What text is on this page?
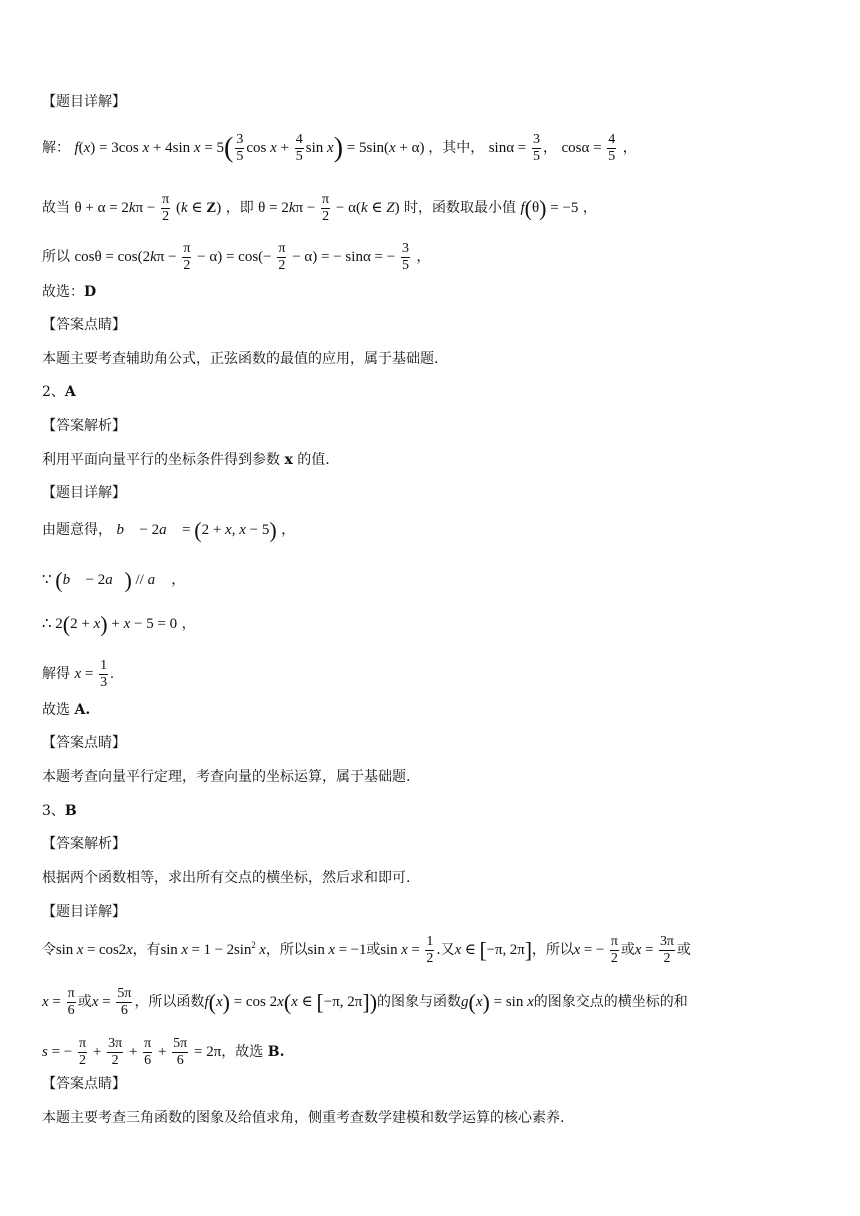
【题目详解】
解： f(x) = 3cos x + 4sin $x = 5( \frac{3}{5}$ $\cos x + \frac{4}{5}$ sin x) = 5sin(x + α) ，其中， $\sin\alpha = \frac{3}{5}$ ， $\cos\alpha = \frac{4}{5}$ ，
故当 $\theta + \alpha = 2k\pi - \frac{\pi}{2} (k$ ∈ Z) ，即 $\theta = 2k\pi - \frac{\pi}{2} - \alpha(k$ ∈ Z) 时，函数取最小值 f(θ) = −5 ，
所以 $\cos\theta = \cos(2k\pi - \frac{\pi}{2} - \alpha) = \cos(- \frac{\pi}{2} - \alpha)$ = − sinα = − $\frac{3}{5}$ ，
故选：D
【答案点睛】
本题主要考查辅助角公式，正弦函数的最值的应用，属于基础题.
2、A
【答案解析】
利用平面向量平行的坐标条件得到参数 x 的值.
【题目详解】
由题意得， b⃗ − 2a⃗ = (2 + x, x − 5) ，
∵ (b⃗ − 2a⃗) // a⃗ ，
∴ 2(2 + x) + x − 5 = 0 ，
解得 $x = \frac{1}{3}$ .
故选 A.
【答案点睛】
本题考查向量平行定理，考查向量的坐标运算，属于基础题.
3、B
【答案解析】
根据两个函数相等，求出所有交点的横坐标，然后求和即可.
【题目详解】
令sin x = cos2x，有$\sin x = 1 - 2\sin^2$ x，所以sin x = −1或$\sin x = \frac{1}{2}$ .又x ∈ [−π, 2π]，所以x = − $\frac{\pi}{2}$ 或$x = \frac{3\pi}{2}$ 或
$x = \frac{\pi}{6}$ 或$x = \frac{5\pi}{6}$ ，所以函数f(x) = cos 2x(x ∈ [−π, 2π])的图象与函数g(x) = sin x的图象交点的横坐标的和
s = − $\frac{\pi}{2} + \frac{3\pi}{2} + \frac{\pi}{6} + \frac{5\pi}{6} = 2\pi$，故选 B.
【答案点睛】
本题主要考查三角函数的图象及给值求角，侧重考查数学建模和数学运算的核心素养.
